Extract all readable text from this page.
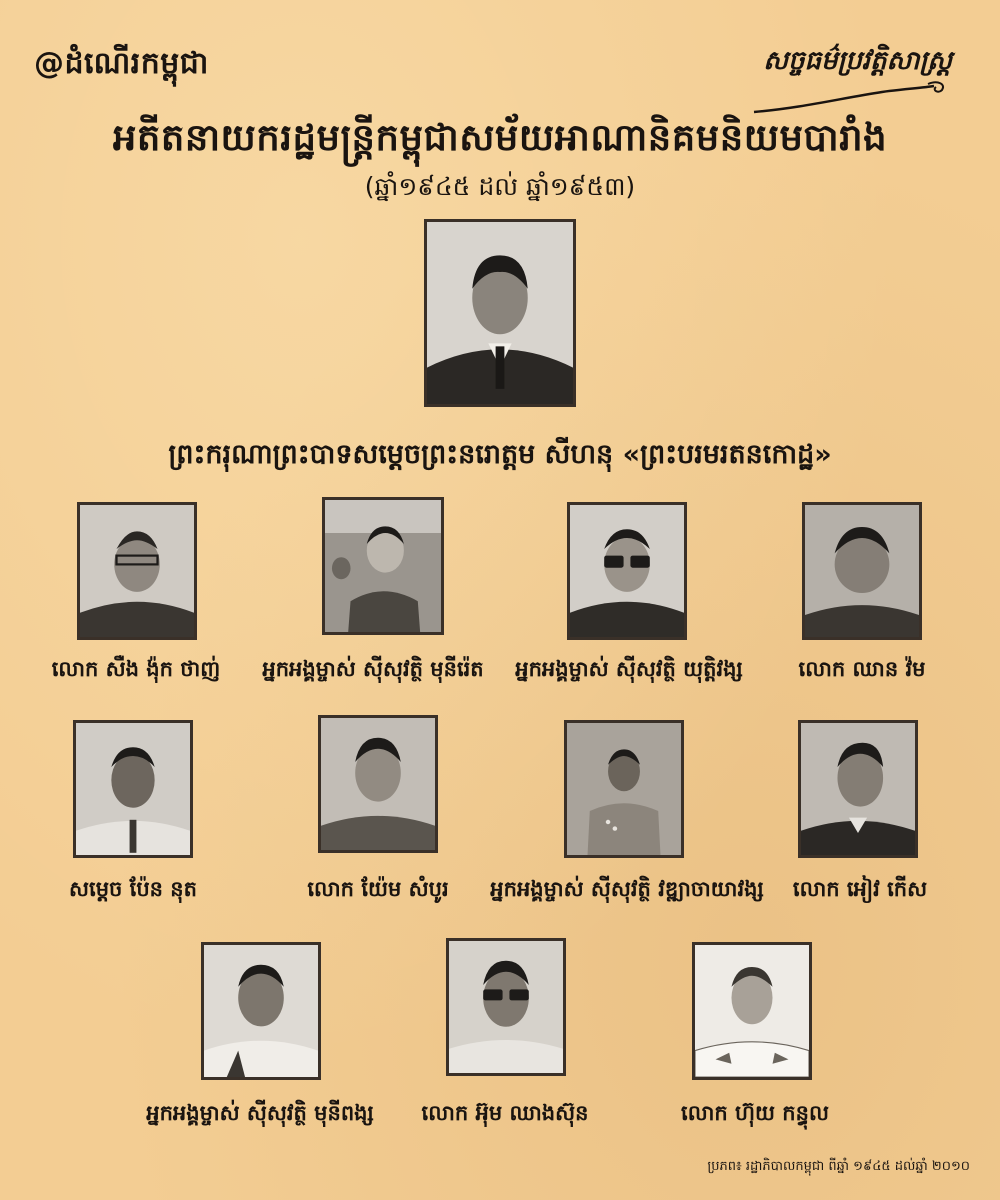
@ដំណើរកម្ពុជា	សច្ចធម៌ប្រវត្តិសាស្ត្រ
អតីតនាយករដ្ឋមន្ត្រីកម្ពុជាសម័យអាណានិគមនិយមបារាំង
(ឆ្នាំ១៩៤៥ ដល់ ឆ្នាំ១៩៥៣)
ព្រះករុណាព្រះបាទសម្តេចព្រះនរោត្តម សីហនុ «ព្រះបរមរតនកោដ្ឋ»
លោក សឺង ង៉ុក ថាញ់	អ្នកអង្គម្ចាស់ ស៊ីសុវត្ថិ មុនីរ៉េត	អ្នកអង្គម្ចាស់ ស៊ីសុវត្ថិ យុត្តិវង្ស	លោក ឈាន វ៉ម
សម្តេច ប៉ែន នុត	លោក យ៉ែម សំបូរ	អ្នកអង្គម្ចាស់ ស៊ីសុវត្ថិ វឌ្ឍាចាយាវង្ស	លោក អៀវ កើស
អ្នកអង្គម្ចាស់ ស៊ីសុវត្ថិ មុនីពង្ស	លោក អ៊ុម ឈាងស៊ុន	លោក ហ៊ុយ កន្ធុល
ប្រភព៖ រដ្ឋាភិបាលកម្ពុជា ពីឆ្នាំ ១៩៤៥ ដល់ឆ្នាំ ២០១០
